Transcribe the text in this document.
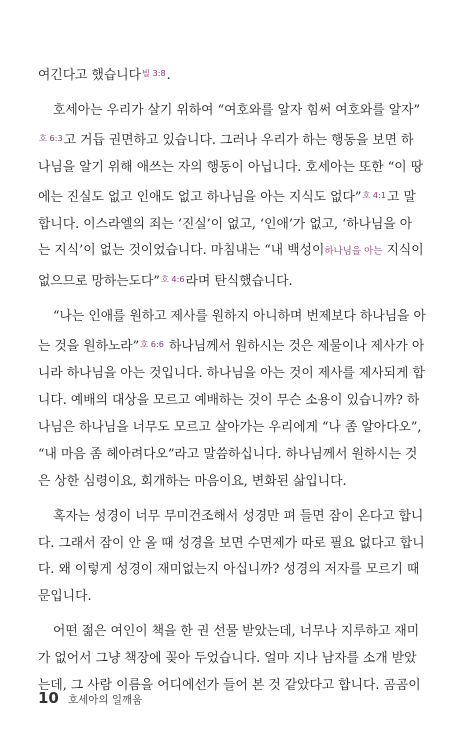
여긴다고 했습니다$^{빌 3:8}$.

호세아는 우리가 살기 위하여 “여호와를 알자 힘써 여호와를 알자”
$^{호 6:3}$고 거듭 권면하고 있습니다. 그러나 우리가 하는 행동을 보면 하
나님을 알기 위해 애쓰는 자의 행동이 아닙니다. 호세아는 또한 “이 땅
에는 진실도 없고 인애도 없고 하나님을 아는 지식도 없다”$^{호 4:1}$고 말
합니다. 이스라엘의 죄는 ‘진실’이 없고, ‘인애’가 없고, ‘하나님을 아
는 지식’이 없는 것이었습니다. 마침내는 “내 백성이하나님을 아는 지식이
없으므로 망하는도다”$^{호 4:6}$라며 탄식했습니다.

“나는 인애를 원하고 제사를 원하지 아니하며 번제보다 하나님을 아
는 것을 원하노라”$^{호 6:6}$ 하나님께서 원하시는 것은 제물이나 제사가 아
니라 하나님을 아는 것입니다. 하나님을 아는 것이 제사를 제사되게 합
니다. 예배의 대상을 모르고 예배하는 것이 무슨 소용이 있습니까? 하
나님은 하나님을 너무도 모르고 살아가는 우리에게 “나 좀 알아다오”,
“내 마음 좀 헤아려다오”라고 말씀하십니다. 하나님께서 원하시는 것
은 상한 심령이요, 회개하는 마음이요, 변화된 삶입니다.

혹자는 성경이 너무 무미건조해서 성경만 펴 들면 잠이 온다고 합니
다. 그래서 잠이 안 올 때 성경을 보면 수면제가 따로 필요 없다고 합니
다. 왜 이렇게 성경이 재미없는지 아십니까? 성경의 저자를 모르기 때
문입니다.

어떤 젊은 여인이 책을 한 권 선물 받았는데, 너무나 지루하고 재미
가 없어서 그냥 책장에 꽂아 두었습니다. 얼마 지나 남자를 소개 받았
는데, 그 사람 이름을 어디에선가 들어 본 것 같았다고 합니다. 곰곰이

10 호세아의 일깨움
